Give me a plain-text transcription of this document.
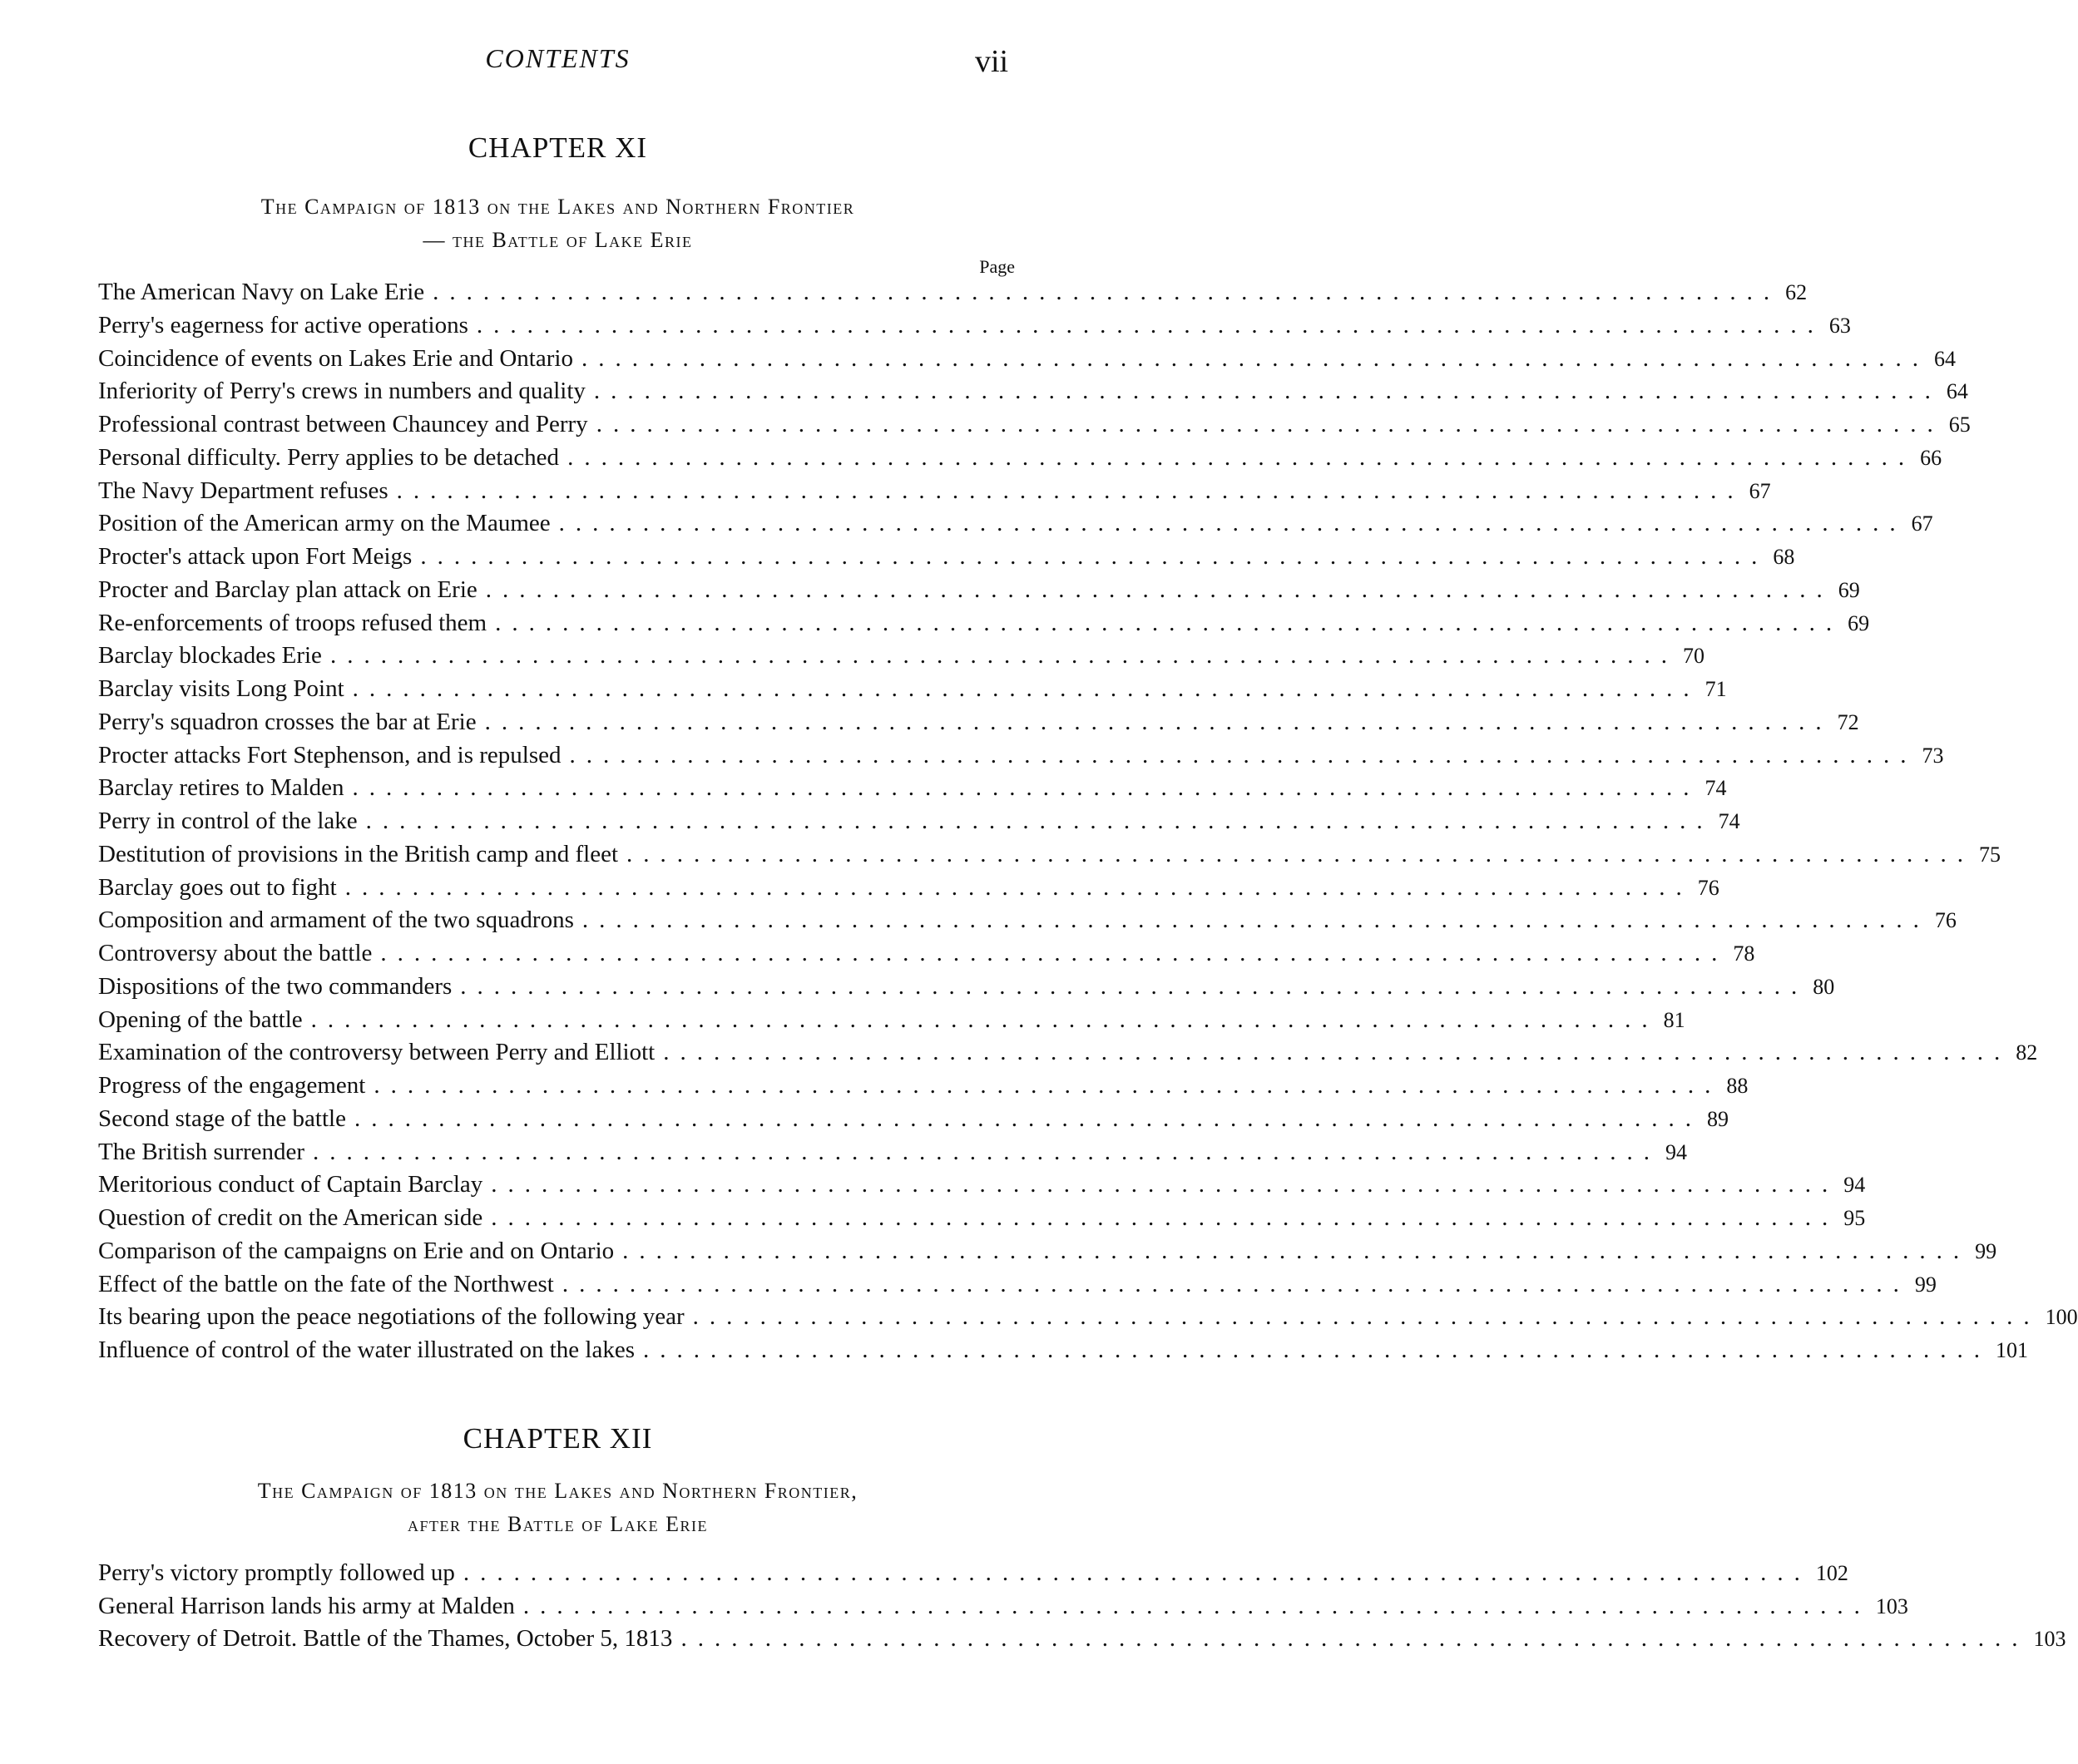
CONTENTS	vii
CHAPTER XI
The Campaign of 1813 on the Lakes and Northern Frontier
— the Battle of Lake Erie
Page
The American Navy on Lake Erie ................................................................................ 62
Perry's eagerness for active operations ................................................................................ 63
Coincidence of events on Lakes Erie and Ontario ................................................................................ 64
Inferiority of Perry's crews in numbers and quality ................................................................................ 64
Professional contrast between Chauncey and Perry ................................................................................ 65
Personal difficulty. Perry applies to be detached ................................................................................ 66
The Navy Department refuses ................................................................................ 67
Position of the American army on the Maumee ................................................................................ 67
Procter's attack upon Fort Meigs ................................................................................ 68
Procter and Barclay plan attack on Erie ................................................................................ 69
Re-enforcements of troops refused them ................................................................................ 69
Barclay blockades Erie ................................................................................ 70
Barclay visits Long Point ................................................................................ 71
Perry's squadron crosses the bar at Erie ................................................................................ 72
Procter attacks Fort Stephenson, and is repulsed ................................................................................ 73
Barclay retires to Malden ................................................................................ 74
Perry in control of the lake ................................................................................ 74
Destitution of provisions in the British camp and fleet ................................................................................ 75
Barclay goes out to fight ................................................................................ 76
Composition and armament of the two squadrons ................................................................................ 76
Controversy about the battle ................................................................................ 78
Dispositions of the two commanders ................................................................................ 80
Opening of the battle ................................................................................ 81
Examination of the controversy between Perry and Elliott ................................................................................ 82
Progress of the engagement ................................................................................ 88
Second stage of the battle ................................................................................ 89
The British surrender ................................................................................ 94
Meritorious conduct of Captain Barclay ................................................................................ 94
Question of credit on the American side ................................................................................ 95
Comparison of the campaigns on Erie and on Ontario ................................................................................ 99
Effect of the battle on the fate of the Northwest ................................................................................ 99
Its bearing upon the peace negotiations of the following year ................................................................................ 100
Influence of control of the water illustrated on the lakes ................................................................................ 101
CHAPTER XII
The Campaign of 1813 on the Lakes and Northern Frontier,
after the Battle of Lake Erie
Perry's victory promptly followed up ................................................................................ 102
General Harrison lands his army at Malden ................................................................................ 103
Recovery of Detroit. Battle of the Thames, October 5, 1813 ................................................................................ 103
